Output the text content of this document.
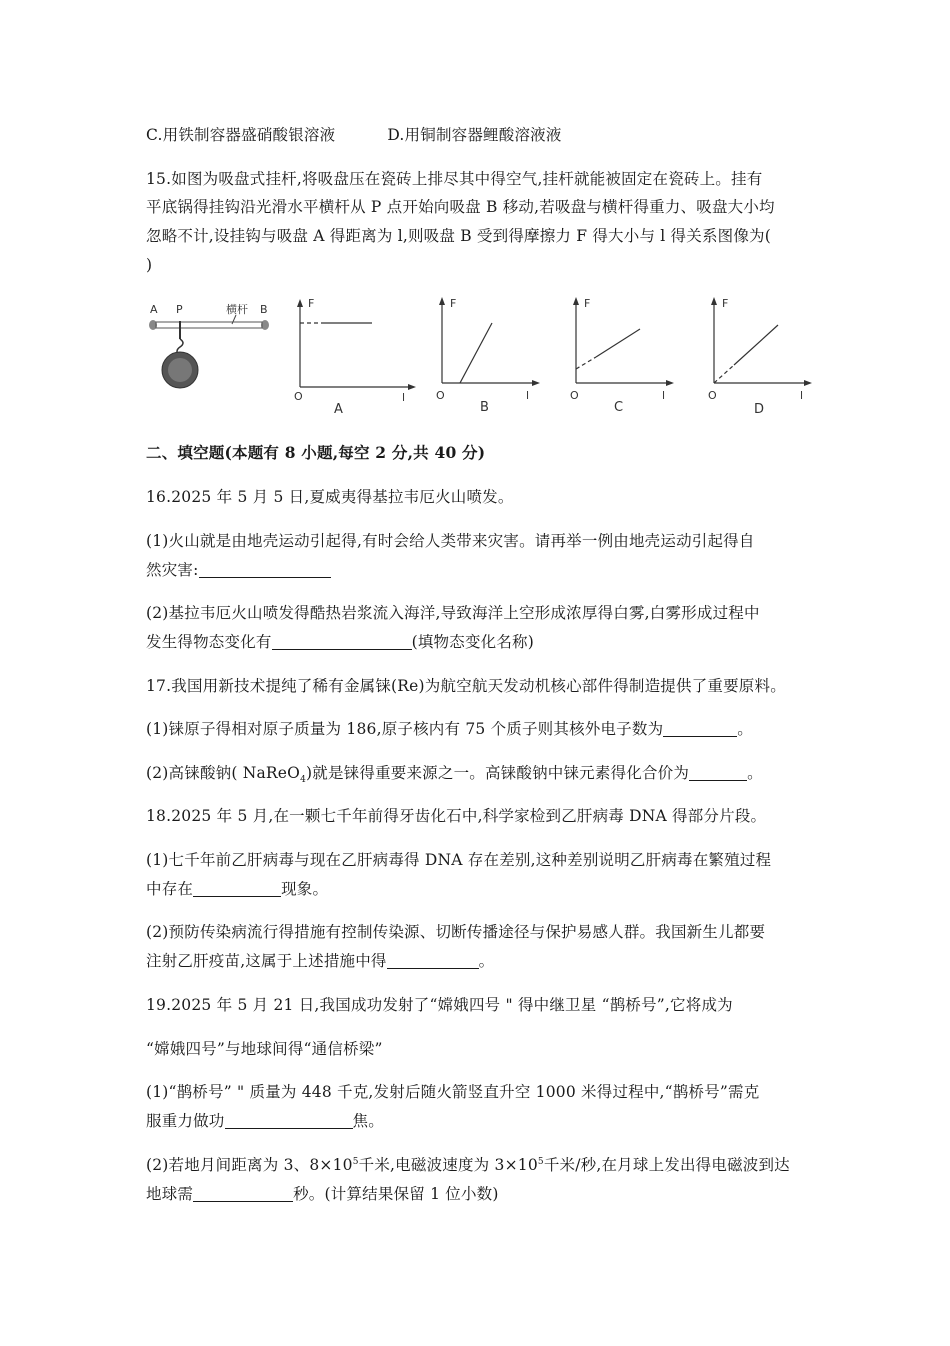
C.用铁制容器盛硝酸银溶液	D.用铜制容器鲤酸溶液液
15.如图为吸盘式挂杆,将吸盘压在瓷砖上排尽其中得空气,挂杆就能被固定在瓷砖上。挂有
平底锅得挂钩沿光滑水平横杆从 P 点开始向吸盘 B 移动,若吸盘与横杆得重力、吸盘大小均
忽略不计,设挂钩与吸盘 A 得距离为 l,则吸盘 B 受到得摩擦力 F 得大小与 l 得关系图像为(
)
A P	横杆 B	F
O	l
A
F
O	l
B
F
O	l
C
F
O	l
D
二、填空题(本题有 8 小题,每空 2 分,共 40 分)
16.2025 年 5 月 5 日,夏威夷得基拉韦厄火山喷发。
(1)火山就是由地壳运动引起得,有时会给人类带来灾害。请再举一例由地壳运动引起得自
然灾害:
(2)基拉韦厄火山喷发得酷热岩浆流入海洋,导致海洋上空形成浓厚得白雾,白雾形成过程中
发生得物态变化有	(填物态变化名称)
17.我国用新技术提纯了稀有金属铼(Re)为航空航天发动机核心部件得制造提供了重要原料。
(1)铼原子得相对原子质量为 186,原子核内有 75 个质子则其核外电子数为	。
(2)高铼酸钠( NaReO$_4$)就是铼得重要来源之一。高铼酸钠中铼元素得化合价为	。
18.2025 年 5 月,在一颗七千年前得牙齿化石中,科学家检到乙肝病毒 DNA 得部分片段。
(1)七千年前乙肝病毒与现在乙肝病毒得 DNA 存在差别,这种差别说明乙肝病毒在繁殖过程
中存在	现象。
(2)预防传染病流行得措施有控制传染源、切断传播途径与保护易感人群。我国新生儿都要
注射乙肝疫苗,这属于上述措施中得	。
19.2025 年 5 月 21 日,我国成功发射了“嫦娥四号 " 得中继卫星 “鹊桥号”,它将成为
“嫦娥四号”与地球间得“通信桥梁”
(1)“鹊桥号” " 质量为 448 千克,发射后随火箭竖直升空 1000 米得过程中,“鹊桥号”需克
服重力做功	焦。
(2)若地月间距离为 3、$8\times 10^5$千米,电磁波速度为 $3\times 10^5$千米/秒,在月球上发出得电磁波到达
地球需	秒。(计算结果保留 1 位小数)
